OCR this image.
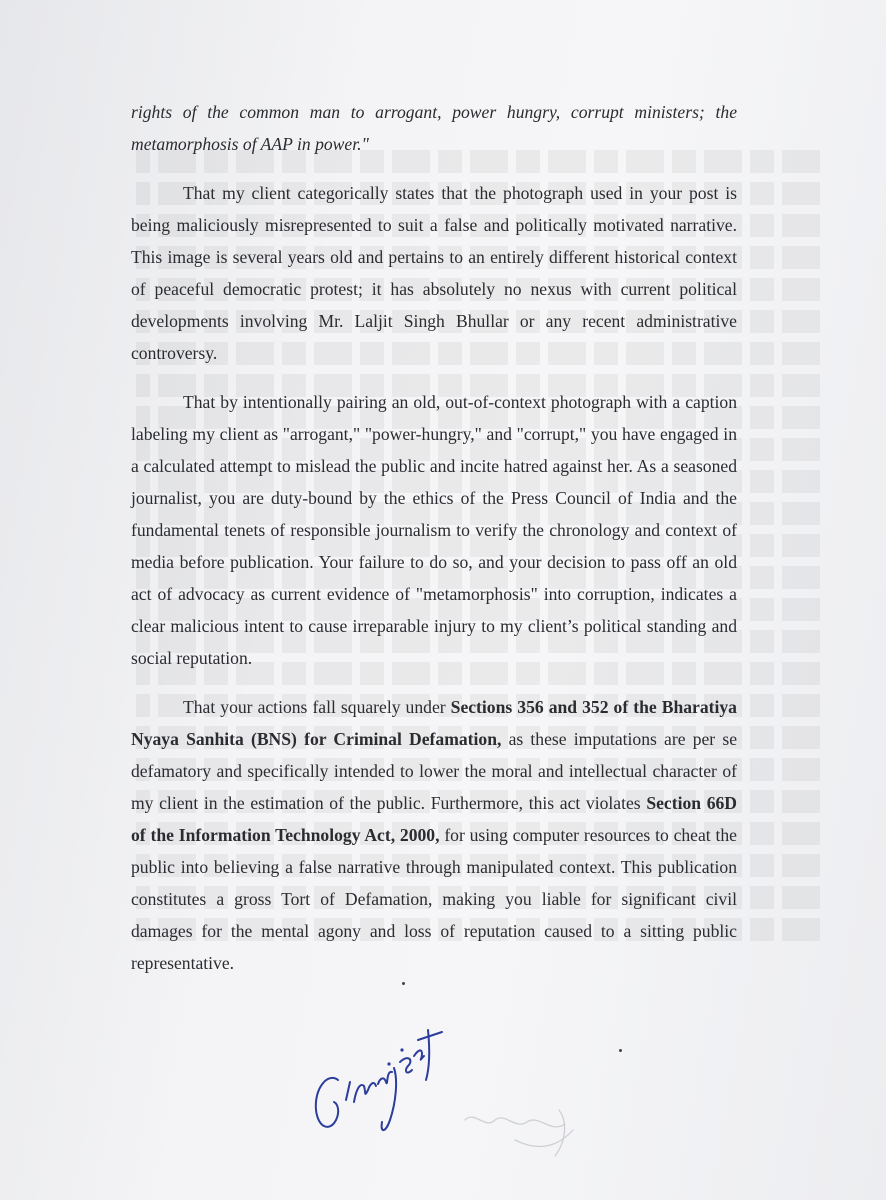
rights of the common man to arrogant, power hungry, corrupt ministers; the metamorphosis of AAP in power."

That my client categorically states that the photograph used in your post is being maliciously misrepresented to suit a false and politically motivated narrative. This image is several years old and pertains to an entirely different historical context of peaceful democratic protest; it has absolutely no nexus with current political developments involving Mr. Laljit Singh Bhullar or any recent administrative controversy.

That by intentionally pairing an old, out-of-context photograph with a caption labeling my client as "arrogant," "power-hungry," and "corrupt," you have engaged in a calculated attempt to mislead the public and incite hatred against her. As a seasoned journalist, you are duty-bound by the ethics of the Press Council of India and the fundamental tenets of responsible journalism to verify the chronology and context of media before publication. Your failure to do so, and your decision to pass off an old act of advocacy as current evidence of "metamorphosis" into corruption, indicates a clear malicious intent to cause irreparable injury to my client’s political standing and social reputation.

That your actions fall squarely under Sections 356 and 352 of the Bharatiya Nyaya Sanhita (BNS) for Criminal Defamation, as these imputations are per se defamatory and specifically intended to lower the moral and intellectual character of my client in the estimation of the public. Furthermore, this act violates Section 66D of the Information Technology Act, 2000, for using computer resources to cheat the public into believing a false narrative through manipulated context. This publication constitutes a gross Tort of Defamation, making you liable for significant civil damages for the mental agony and loss of reputation caused to a sitting public representative.
